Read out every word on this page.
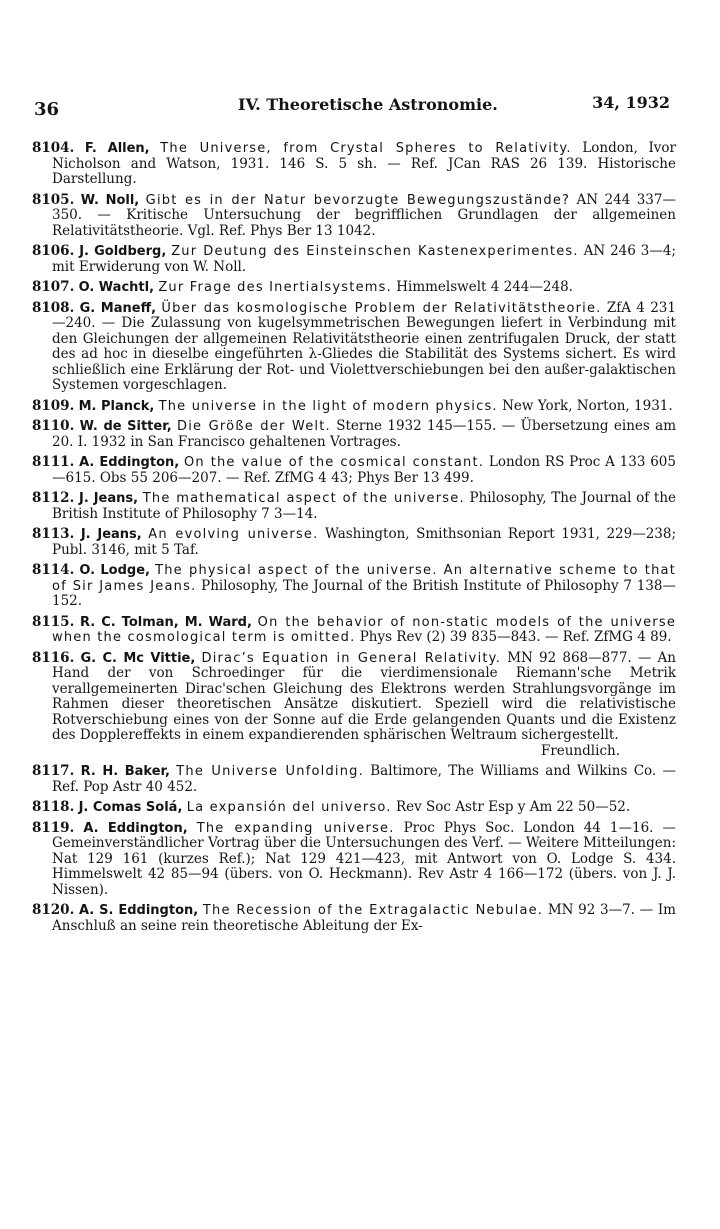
36	IV. Theoretische Astronomie.	34, 1932
8104. F. Allen, The Universe, from Crystal Spheres to Relativity. London, Ivor Nicholson and Watson, 1931. 146 S. 5 sh. — Ref. JCan RAS 26 139. Historische Darstellung.
8105. W. Noll, Gibt es in der Natur bevorzugte Bewegungszustände? AN 244 337—350. — Kritische Untersuchung der begrifflichen Grundlagen der allgemeinen Relativitätstheorie. Vgl. Ref. Phys Ber 13 1042.
8106. J. Goldberg, Zur Deutung des Einsteinschen Kastenexperimentes. AN 246 3—4; mit Erwiderung von W. Noll.
8107. O. Wachtl, Zur Frage des Inertialsystems. Himmelswelt 4 244—248.
8108. G. Maneff, Über das kosmologische Problem der Relativitätstheorie. ZfA 4 231—240. — Die Zulassung von kugelsymmetrischen Bewegungen liefert in Verbindung mit den Gleichungen der allgemeinen Relativitätstheorie einen zentrifugalen Druck, der statt des ad hoc in dieselbe eingeführten λ-Gliedes die Stabilität des Systems sichert. Es wird schließlich eine Erklärung der Rot- und Violettverschiebungen bei den außer-galaktischen Systemen vorgeschlagen.
8109. M. Planck, The universe in the light of modern physics. New York, Norton, 1931.
8110. W. de Sitter, Die Größe der Welt. Sterne 1932 145—155. — Übersetzung eines am 20. I. 1932 in San Francisco gehaltenen Vortrages.
8111. A. Eddington, On the value of the cosmical constant. London RS Proc A 133 605—615. Obs 55 206—207. — Ref. ZfMG 4 43; Phys Ber 13 499.
8112. J. Jeans, The mathematical aspect of the universe. Philosophy, The Journal of the British Institute of Philosophy 7 3—14.
8113. J. Jeans, An evolving universe. Washington, Smithsonian Report 1931, 229—238; Publ. 3146, mit 5 Taf.
8114. O. Lodge, The physical aspect of the universe. An alternative scheme to that of Sir James Jeans. Philosophy, The Journal of the British Institute of Philosophy 7 138—152.
8115. R. C. Tolman, M. Ward, On the behavior of non-static models of the universe when the cosmological term is omitted. Phys Rev (2) 39 835—843. — Ref. ZfMG 4 89.
8116. G. C. Mc Vittie, Dirac’s Equation in General Relativity. MN 92 868—877. — An Hand der von Schroedinger für die vierdimensionale Riemann'sche Metrik verallgemeinerten Dirac'schen Gleichung des Elektrons werden Strahlungsvorgänge im Rahmen dieser theoretischen Ansätze diskutiert. Speziell wird die relativistische Rotverschiebung eines von der Sonne auf die Erde gelangenden Quants und die Existenz des Dopplereffekts in einem expandierenden sphärischen Weltraum sichergestellt.
Freundlich.
8117. R. H. Baker, The Universe Unfolding. Baltimore, The Williams and Wilkins Co. — Ref. Pop Astr 40 452.
8118. J. Comas Solá, La expansión del universo. Rev Soc Astr Esp y Am 22 50—52.
8119. A. Eddington, The expanding universe. Proc Phys Soc. London 44 1—16. — Gemeinverständlicher Vortrag über die Untersuchungen des Verf. — Weitere Mitteilungen: Nat 129 161 (kurzes Ref.); Nat 129 421—423, mit Antwort von O. Lodge S. 434. Himmelswelt 42 85—94 (übers. von O. Heckmann). Rev Astr 4 166—172 (übers. von J. J. Nissen).
8120. A. S. Eddington, The Recession of the Extragalactic Nebulae. MN 92 3—7. — Im Anschluß an seine rein theoretische Ableitung der Ex-
